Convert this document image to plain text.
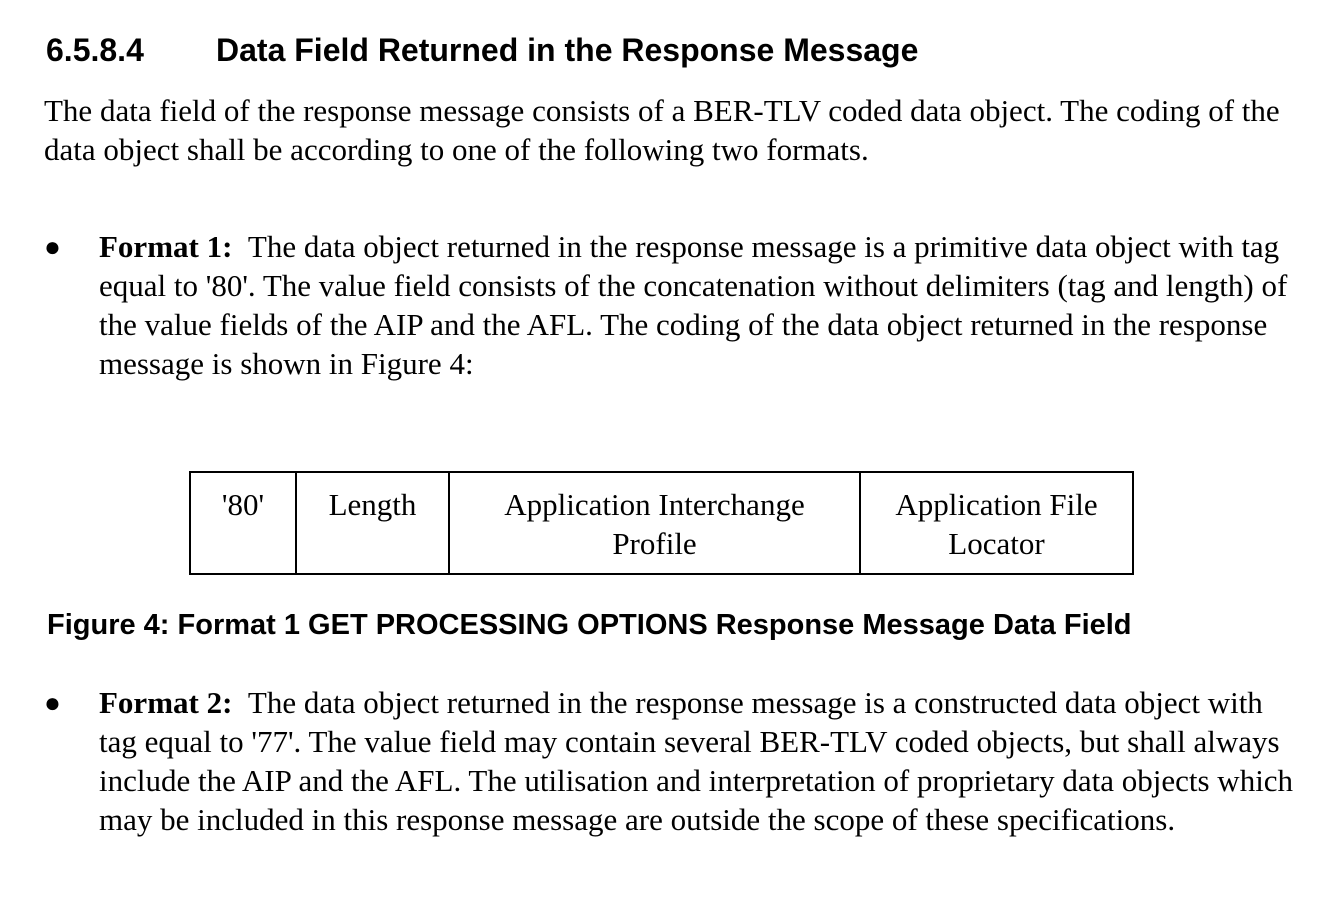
6.5.8.4 Data Field Returned in the Response Message

The data field of the response message consists of a BER-TLV coded data object. The coding of the data object shall be according to one of the following two formats.

● Format 1: The data object returned in the response message is a primitive data object with tag equal to '80'. The value field consists of the concatenation without delimiters (tag and length) of the value fields of the AIP and the AFL. The coding of the data object returned in the response message is shown in Figure 4:

'80'	Length	Application Interchange Profile	Application File Locator
Figure 4: Format 1 GET PROCESSING OPTIONS Response Message Data Field
● Format 2: The data object returned in the response message is a constructed data object with tag equal to '77'. The value field may contain several BER-TLV coded objects, but shall always include the AIP and the AFL. The utilisation and interpretation of proprietary data objects which may be included in this response message are outside the scope of these specifications.
